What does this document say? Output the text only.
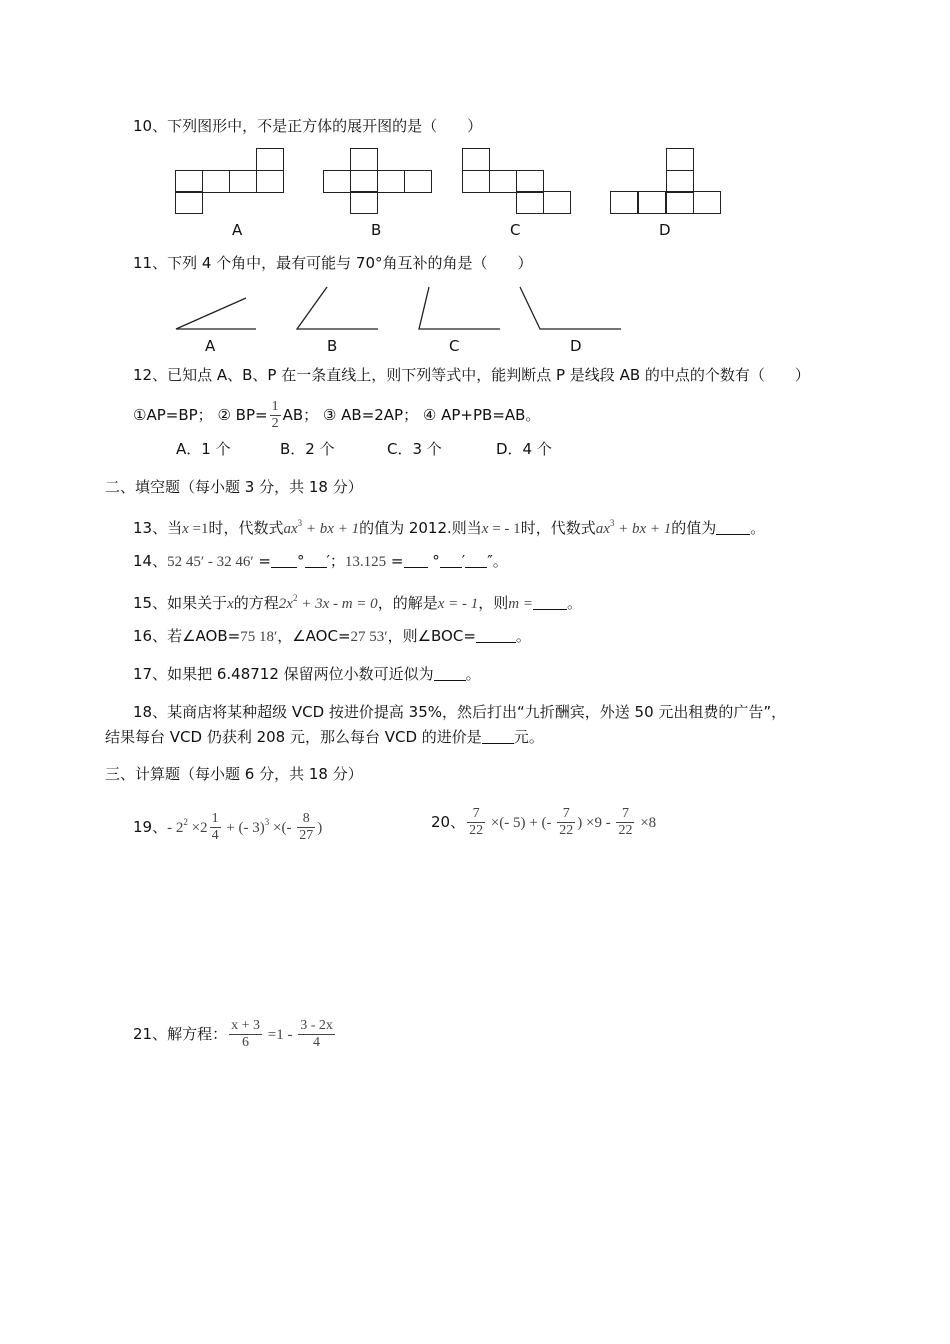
10、下列图形中，不是正方体的展开图的是（　　）
A	B	C	D
11、下列 4 个角中，最有可能与 70°角互补的角是（　　）
A	B	C	D
12、已知点 A、B、P 在一条直线上，则下列等式中，能判断点 P 是线段 AB 的中点的个数有（　　）
①AP=BP； ② $BP= \frac{1}{2}$ AB； ③ AB=2AP； ④ AP+PB=AB。
A．1 个	B．2 个	C．3 个	D．4 个
二、填空题（每小题 3 分，共 18 分）
13、当x =1时，代数式$ax^3$ + bx + 1的值为 2012.则当x = - 1时，代数式$ax^3$ + bx + 1的值为 。
14、52 45′ - 32 46′ = ° ′；13.125 = ° ′ ″。
15、如果关于x的方程$2x^2 + 3x - m = 0$，的解是x = - 1，则m = 。
16、若∠AOB=75 18′，∠AOC=27 53′，则∠BOC=	。
17、如果把 6.48712 保留两位小数可近似为 。
18、某商店将某种超级 VCD 按进价提高 35%，然后打出“九折酬宾，外送 50 元出租费的广告”，
结果每台 VCD 仍获利 208 元，那么每台 VCD 的进价是 元。
三、计算题（每小题 6 分，共 18 分）
19、- $2^2 \times 2 \frac{1}{4}$ + (- 3)$^3$ ×(- $\frac{8}{27}$ )	20、 $\frac{7}{22}$ ×(- 5) + (- $\frac{7}{22}$ ) $\times 9 - \frac{7}{22} \times 8$
21、解方程： $\frac{x + 3}{6} =1 - \frac{3 - 2x}{4}$
